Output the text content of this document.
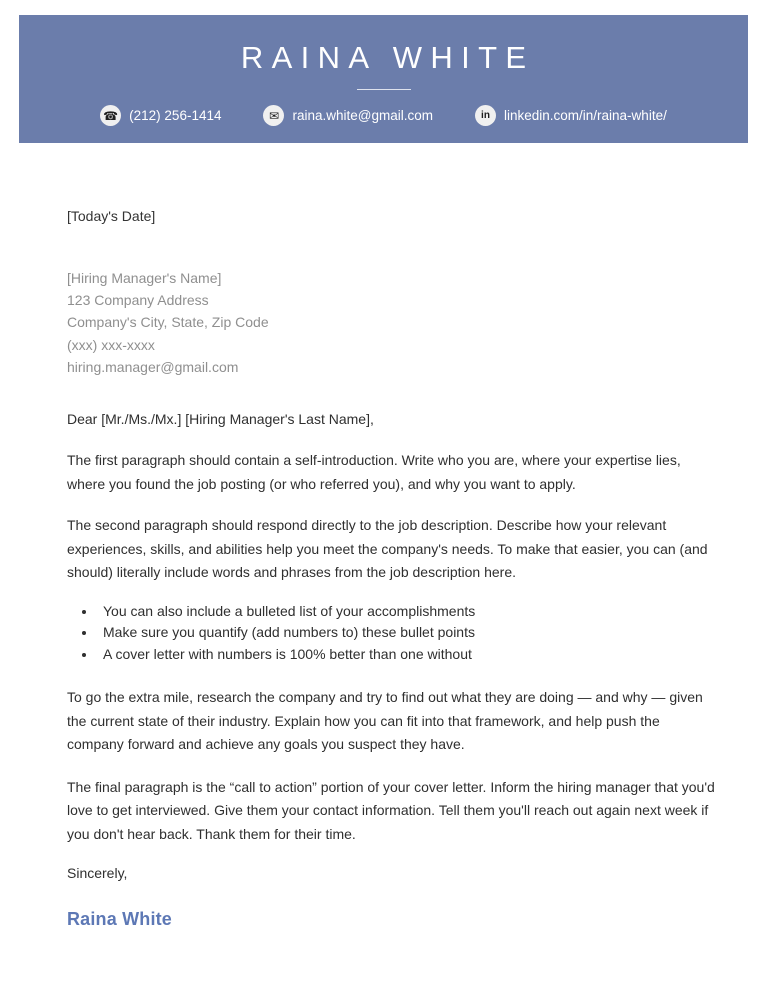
RAINA WHITE
☎ (212) 256-1414	✉ raina.white@gmail.com	in	linkedin.com/in/raina-white/

[Today's Date]

[Hiring Manager's Name]

123 Company Address

Company's City, State, Zip Code

(xxx) xxx-xxxx

hiring.manager@gmail.com

Dear [Mr./Ms./Mx.] [Hiring Manager's Last Name],

The first paragraph should contain a self-introduction. Write who you are, where your expertise lies, where you found the job posting (or who referred you), and why you want to apply.

The second paragraph should respond directly to the job description. Describe how your relevant experiences, skills, and abilities help you meet the company's needs. To make that easier, you can (and should) literally include words and phrases from the job description here.

• You can also include a bulleted list of your accomplishments
• Make sure you quantify (add numbers to) these bullet points
• A cover letter with numbers is 100% better than one without

To go the extra mile, research the company and try to find out what they are doing — and why — given the current state of their industry. Explain how you can fit into that framework, and help push the company forward and achieve any goals you suspect they have.

The final paragraph is the “call to action” portion of your cover letter. Inform the hiring manager that you'd love to get interviewed. Give them your contact information. Tell them you'll reach out again next week if you don't hear back. Thank them for their time.

Sincerely,

Raina White
